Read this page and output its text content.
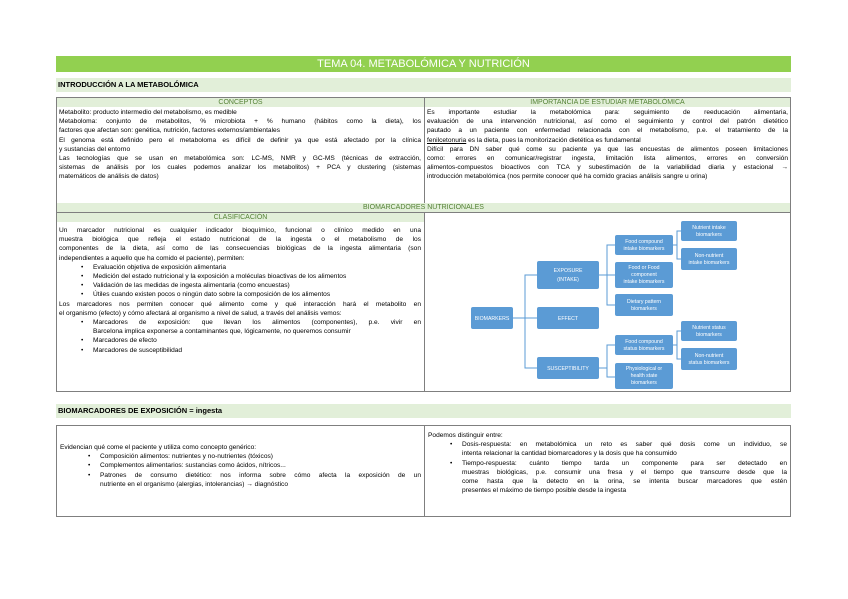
TEMA 04. METABOLÓMICA Y NUTRICIÓN
INTRODUCCIÓN A LA METABOLÓMICA
CONCEPTOS	IMPORTANCIA DE ESTUDIAR METABOLÓMICA

Metabolito: producto intermedio del metabolismo, es medible

Metaboloma: conjunto de metabolitos, % microbiota + % humano (hábitos como la dieta), los

factores que afectan son: genética, nutrición, factores externos/ambientales

El genoma está definido pero el metaboloma es difícil de definir ya que está afectado por la clínica

y sustancias del entorno

Las tecnologías que se usan en metabolómica son: LC-MS, NMR y GC-MS (técnicas de extracción,

sistemas de análisis por los cuales podemos analizar los metabolitos) + PCA y clustering (sistemas

matemáticos de análisis de datos)

Es importante estudiar la metabolómica para: seguimiento de reeducación alimentaria,

evaluación de una intervención nutricional, así como el seguimiento y control del patrón dietético

pautado a un paciente con enfermedad relacionada con el metabolismo, p.e. el tratamiento de la

fenilcetonuria es la dieta, pues la monitorización dietética es fundamental

Difícil para DN saber qué come su paciente ya que las encuestas de alimentos poseen limitaciones

como: errores en comunicar/registrar ingesta, limitación lista alimentos, errores en conversión

alimentos-compuestos bioactivos con TCA y subestimación de la variabilidad diaria y estacional →

introducción metabolómica (nos permite conocer qué ha comido gracias análisis sangre u orina)

BIOMARCADORES NUTRICIONALES
CLASIFICACIÓN

Un marcador nutricional es cualquier indicador bioquímico, funcional o clínico medido en una

muestra biológica que refleja el estado nutricional de la ingesta o el metabolismo de los

componentes de la dieta, así como de las consecuencias biológicas de la ingesta alimentaria (son

independientes a aquello que ha comido el paciente), permiten:

• Evaluación objetiva de exposición alimentaria
• Medición del estado nutricional y la exposición a moléculas bioactivas de los alimentos
• Validación de las medidas de ingesta alimentaria (como encuestas)
• Útiles cuando existen pocos o ningún dato sobre la composición de los alimentos

Los marcadores nos permiten conocer qué alimento come y qué interacción hará el metabolito en

el organismo (efecto) y cómo afectará al organismo a nivel de salud, a través del análisis vemos:

• Marcadores de exposición: que llevan los alimentos (componentes), p.e. vivir en
Barcelona implica exponerse a contaminantes que, lógicamente, no queremos consumir
• Marcadores de efecto
• Marcadores de susceptibilidad
BIOMARKERS
EXPOSURE
(INTAKE)
EFFECT
SUSCEPTIBILITY
Food compound
intake biomarkers
Food or Food
component
intake biomarkers
Dietary pattern
biomarkers
Nutrient intake
biomarkers
Non-nutrient
intake biomarkers
Food compound
status biomarkers
Physiological or
health state
biomarkers
Nutrient status
biomarkers
Non-nutrient
status biomarkers
BIOMARCADORES DE EXPOSICIÓN = ingesta

Evidencian qué come el paciente y utiliza como concepto genérico:

• Composición alimentos: nutrientes y no-nutrientes (tóxicos)
• Complementos alimentarios: sustancias como ácidos, nítricos...
• Patrones de consumo dietético: nos informa sobre cómo afecta la exposición de un
nutriente en el organismo (alergias, intolerancias) → diagnóstico

Podemos distinguir entre:

• Dosis-respuesta: en metabolómica un reto es saber qué dosis come un individuo, se
intenta relacionar la cantidad biomarcadores y la dosis que ha consumido
• Tiempo-respuesta: cuánto tiempo tarda un componente para ser detectado en
muestras biológicas, p.e. consumir una fresa y el tiempo que transcurre desde que la
come hasta que la detecto en la orina, se intenta buscar marcadores que estén
presentes el máximo de tiempo posible desde la ingesta
